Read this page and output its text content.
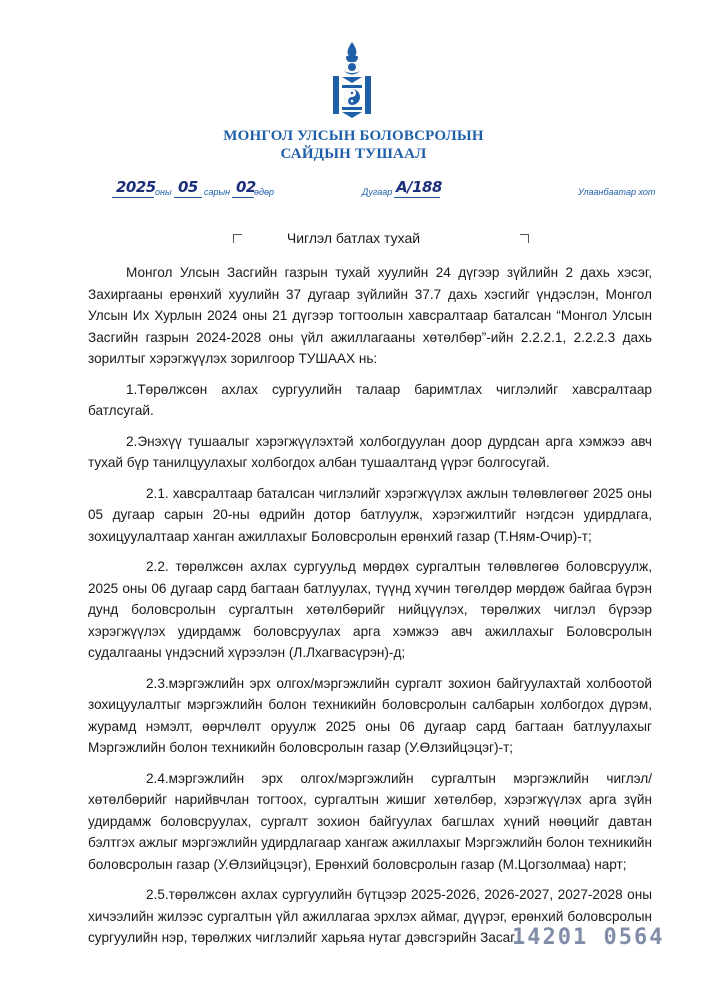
МОНГОЛ УЛСЫН БОЛОВСРОЛЫН
САЙДЫН ТУШААЛ
2025 оны 05 сарын 02
өдөр	Дугаар А/188	Улаанбаатар хот
Чиглэл батлах тухай

Монгол Улсын Засгийн газрын тухай хуулийн 24 дүгээр зүйлийн 2 дахь хэсэг, Захиргааны ерөнхий хуулийн 37 дугаар зүйлийн 37.7 дахь хэсгийг үндэслэн, Монгол Улсын Их Хурлын 2024 оны 21 дүгээр тогтоолын хавсралтаар баталсан “Монгол Улсын Засгийн газрын 2024-2028 оны үйл ажиллагааны хөтөлбөр”-ийн 2.2.2.1, 2.2.2.3 дахь зорилтыг хэрэгжүүлэх зорилгоор ТУШААХ нь:

1.Төрөлжсөн ахлах сургуулийн талаар баримтлах чиглэлийг хавсралтаар батлсугай.

2.Энэхүү тушаалыг хэрэгжүүлэхтэй холбогдуулан доор дурдсан арга хэмжээ авч тухай бүр танилцуулахыг холбогдох албан тушаалтанд үүрэг болгосугай.

2.1. хавсралтаар баталсан чиглэлийг хэрэгжүүлэх ажлын төлөвлөгөөг 2025 оны 05 дугаар сарын 20-ны өдрийн дотор батлуулж, хэрэгжилтийг нэгдсэн удирдлага, зохицуулалтаар ханган ажиллахыг Боловсролын ерөнхий газар (Т.Ням-Очир)-т;

2.2. төрөлжсөн ахлах сургуульд мөрдөх сургалтын төлөвлөгөө боловсруулж, 2025 оны 06 дугаар сард багтаан батлуулах, түүнд хүчин төгөлдөр мөрдөж байгаа бүрэн дунд боловсролын сургалтын хөтөлбөрийг нийцүүлэх, төрөлжих чиглэл бүрээр хэрэгжүүлэх удирдамж боловсруулах арга хэмжээ авч ажиллахыг Боловсролын судалгааны үндэсний хүрээлэн (Л.Лхагвасүрэн)-д;

2.3.мэргэжлийн эрх олгох/мэргэжлийн сургалт зохион байгуулахтай холбоотой зохицуулалтыг мэргэжлийн болон техникийн боловсролын салбарын холбогдох дүрэм, журамд нэмэлт, өөрчлөлт оруулж 2025 оны 06 дугаар сард багтаан батлуулахыг Мэргэжлийн болон техникийн боловсролын газар (У.Өлзийцэцэг)-т;

2.4.мэргэжлийн эрх олгох/мэргэжлийн сургалтын мэргэжлийн чиглэл/хөтөлбөрийг нарийвчлан тогтоох, сургалтын жишиг хөтөлбөр, хэрэгжүүлэх арга зүйн удирдамж боловсруулах, сургалт зохион байгуулах багшлах хүний нөөцийг давтан бэлтгэх ажлыг мэргэжлийн удирдлагаар хангаж ажиллахыг Мэргэжлийн болон техникийн боловсролын газар (У.Өлзийцэцэг), Ерөнхий боловсролын газар (М.Цогзолмаа) нарт;

2.5.төрөлжсөн ахлах сургуулийн бүтцээр 2025-2026, 2026-2027, 2027-2028 оны хичээлийн жилээс сургалтын үйл ажиллагаа эрхлэх аймаг, дүүрэг, ерөнхий боловсролын сургуулийн нэр, төрөлжих чиглэлийг харьяа нутаг дэвсгэрийн Засаг

14201 0564
